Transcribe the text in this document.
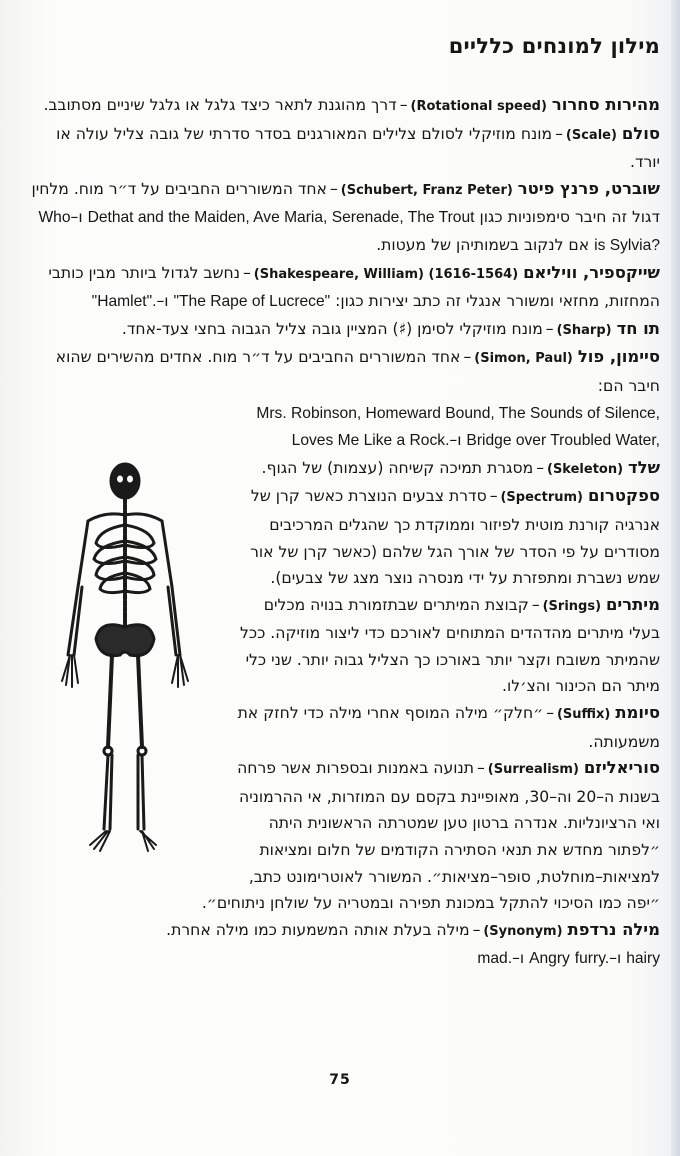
מילון למונחים כלליים

מהירות סחרור (Rotational speed)–דרך מהוגנת לתאר כיצד גלגל או גלגל שיניים מסתובב.

סולם (Scale)–מונח מוזיקלי לסולם צלילים המאורגנים בסדר סדרתי של גובה צליל עולה או יורד.

שוברט, פרנץ פיטר (Schubert, Franz Peter)–אחד המשוררים החביבים על ד״ר מוח. מלחין דגול זה חיבר סימפוניות כגון Dethat and the Maiden, Ave Maria, Serenade, The Trout ו–Who is Sylvia? אם לנקוב בשמותיהן של מעטות.

שייקספיר, וויליאם (Shakespeare, William) (1616-1564)–נחשב לגדול ביותר מבין כותבי המחזות, מחזאי ומשורר אנגלי זה כתב יצירות כגון: "The Rape of Lucrece" ו–"Hamlet".

תו חד (Sharp)–מונח מוזיקלי לסימן (♯) המציין גובה צליל הגבוה בחצי צעד-אחד.

סיימון, פול (Simon, Paul)–אחד המשוררים החביבים על ד״ר מוח. אחדים מהשירים שהוא חיבר הם:
Mrs. Robinson, Homeward Bound, The Sounds of Silence,
Bridge over Troubled Water, ו–Loves Me Like a Rock.

שלד (Skeleton)–מסגרת תמיכה קשיחה (עצמות) של הגוף.

ספקטרום (Spectrum)–סדרת צבעים הנוצרת כאשר קרן של אנרגיה קורנת מוטית לפיזור וממוקדת כך שהגלים המרכיבים מסודרים על פי הסדר של אורך הגל שלהם (כאשר קרן של אור שמש נשברת ומתפזרת על ידי מנסרה נוצר מצג של צבעים).

מיתרים (Srings)–קבוצת המיתרים שבתזמורת בנויה מכלים בעלי מיתרים מהדהדים המתוחים לאורכם כדי ליצור מוזיקה. ככל שהמיתר משובח וקצר יותר באורכו כך הצליל גבוה יותר. שני כלי מיתר הם הכינור והצ׳לו.

סיומת (Suffix)–״חלק״ מילה המוסף אחרי מילה כדי לחזק את משמעותה.

סוריאליזם (Surrealism)–תנועה באמנות ובספרות אשר פרחה בשנות ה–20 וה–30, מאופיינת בקסם עם המוזרות, אי ההרמוניה ואי הרציונליות. אנדרה ברטון טען שמטרתה הראשונית היתה ״לפתור מחדש את תנאי הסתירה הקודמים של חלום ומציאות למציאות–מוחלטת, סופר–מציאות״. המשורר לאוטרימונט כתב, ״יפה כמו הסיכוי להתקל במכונת תפירה ובמטריה על שולחן ניתוחים״.

מילה נרדפת (Synonym)–מילה בעלת אותה המשמעות כמו מילה אחרת.
hairy ו–furry. Angry ו–mad.

75
